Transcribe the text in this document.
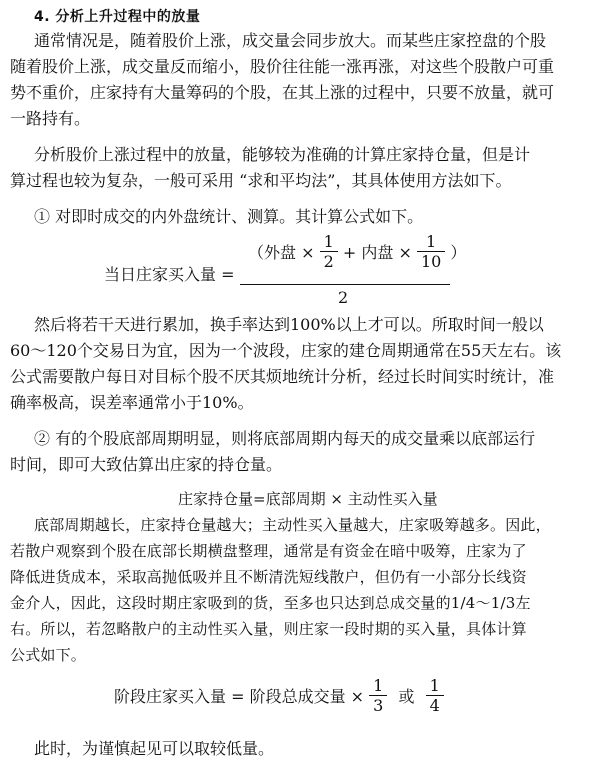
4. 分析上升过程中的放量
通常情况是，随着股价上涨，成交量会同步放大。而某些庄家控盘的个股
随着股价上涨，成交量反而缩小，股价往往能一涨再涨，对这些个股散户可重
势不重价，庄家持有大量筹码的个股，在其上涨的过程中，只要不放量，就可
一路持有。
分析股价上涨过程中的放量，能够较为准确的计算庄家持仓量，但是计
算过程也较为复杂，一般可采用 “求和平均法”，其具体使用方法如下。
① 对即时成交的内外盘统计、测算。其计算公式如下。
当日庄家买入量 =
（外盘 × $\frac{1}{2}$ + 内盘 × $\frac{1}{10}$ ）
2
然后将若干天进行累加，换手率达到100%以上才可以。所取时间一般以
60～120个交易日为宜，因为一个波段，庄家的建仓周期通常在55天左右。该
公式需要散户每日对目标个股不厌其烦地统计分析，经过长时间实时统计，准
确率极高，误差率通常小于10%。
② 有的个股底部周期明显，则将底部周期内每天的成交量乘以底部运行
时间，即可大致估算出庄家的持仓量。
庄家持仓量=底部周期 × 主动性买入量
底部周期越长，庄家持仓量越大；主动性买入量越大，庄家吸筹越多。因此，
若散户观察到个股在底部长期横盘整理，通常是有资金在暗中吸筹，庄家为了
降低进货成本，采取高抛低吸并且不断清洗短线散户，但仍有一小部分长线资
金介人，因此，这段时期庄家吸到的货，至多也只达到总成交量的1/4～1/3左
右。所以，若忽略散户的主动性买入量，则庄家一段时期的买入量，具体计算
公式如下。
阶段庄家买入量 = 阶段总成交量 × $\frac{1}{3}$ 或 $\frac{1}{4}$
此时，为谨慎起见可以取较低量。
